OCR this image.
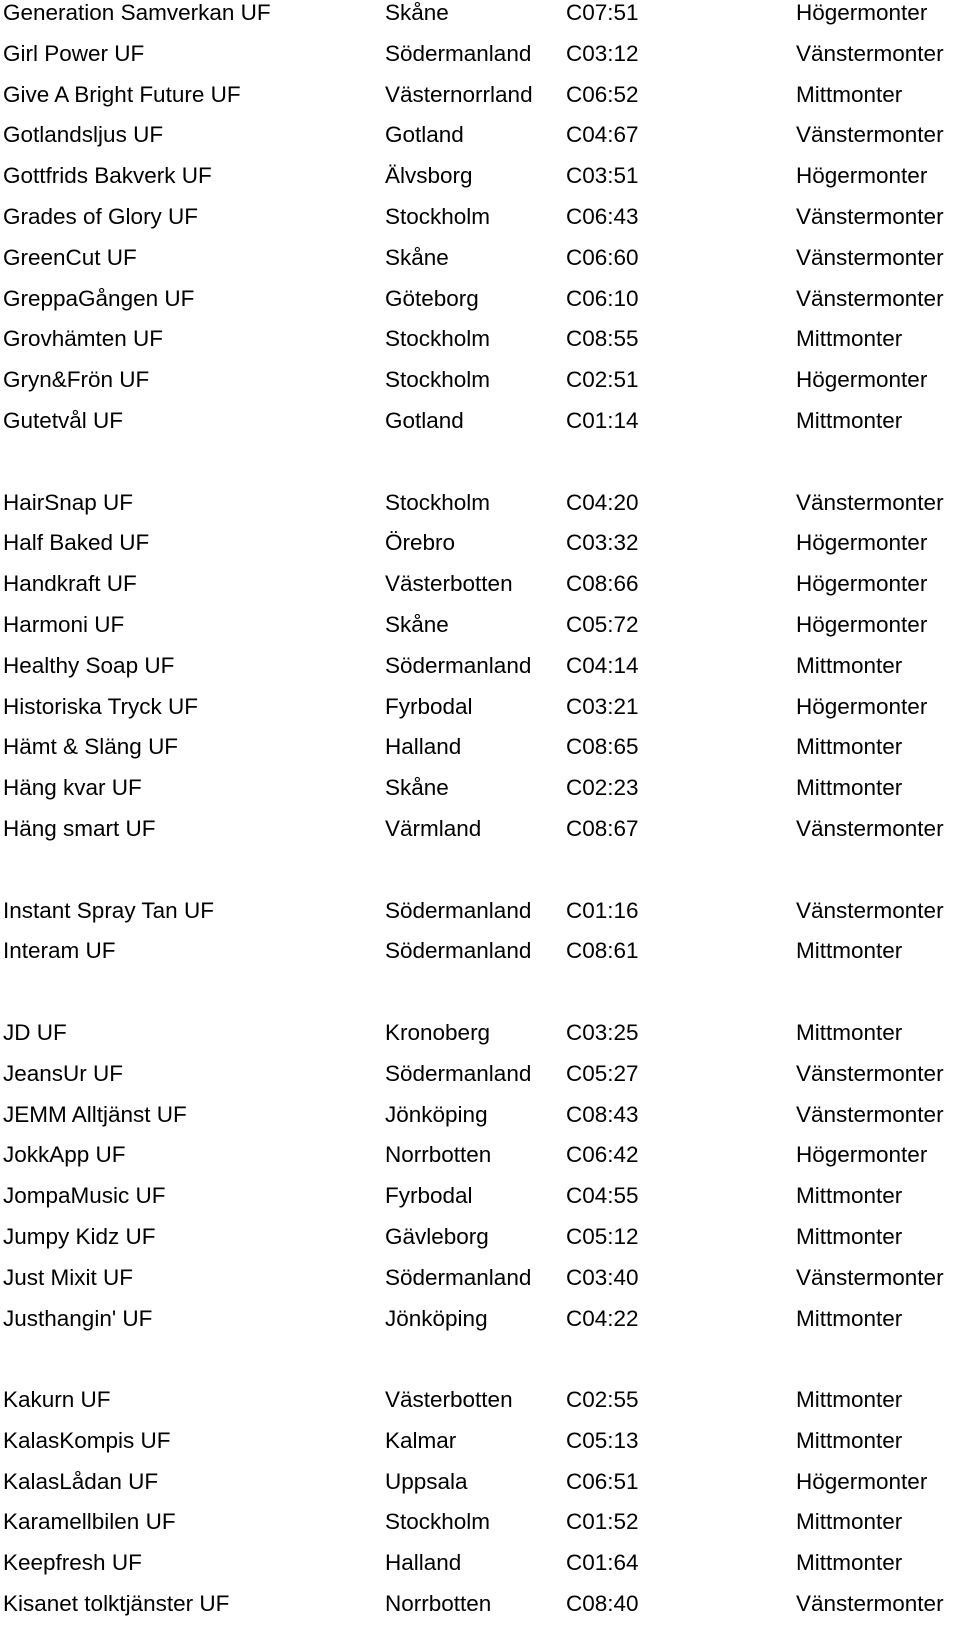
Generation Samverkan UF	Skåne	C07:51	Högermonter
Girl Power UF	Södermanland C03:12	Vänstermonter
Give A Bright Future UF	Västernorrland C06:52	Mittmonter
Gotlandsljus UF	Gotland	C04:67	Vänstermonter
Gottfrids Bakverk UF	Älvsborg	C03:51	Högermonter
Grades of Glory UF	Stockholm	C06:43	Vänstermonter
GreenCut UF	Skåne	C06:60	Vänstermonter
GreppaGången UF	Göteborg	C06:10	Vänstermonter
Grovhämten UF	Stockholm	C08:55	Mittmonter
Gryn&Frön UF	Stockholm	C02:51	Högermonter
Gutetvål UF	Gotland	C01:14	Mittmonter
HairSnap UF	Stockholm	C04:20	Vänstermonter
Half Baked UF	Örebro	C03:32	Högermonter
Handkraft UF	Västerbotten C08:66	Högermonter
Harmoni UF	Skåne	C05:72	Högermonter
Healthy Soap UF	Södermanland C04:14	Mittmonter
Historiska Tryck UF	Fyrbodal	C03:21	Högermonter
Hämt & Släng UF	Halland	C08:65	Mittmonter
Häng kvar UF	Skåne	C02:23	Mittmonter
Häng smart UF	Värmland	C08:67	Vänstermonter
Instant Spray Tan UF	Södermanland C01:16	Vänstermonter
Interam UF	Södermanland C08:61	Mittmonter
JD UF	Kronoberg	C03:25	Mittmonter
JeansUr UF	Södermanland C05:27	Vänstermonter
JEMM Alltjänst UF	Jönköping	C08:43	Vänstermonter
JokkApp UF	Norrbotten	C06:42	Högermonter
JompaMusic UF	Fyrbodal	C04:55	Mittmonter
Jumpy Kidz UF	Gävleborg	C05:12	Mittmonter
Just Mixit UF	Södermanland C03:40	Vänstermonter
Justhangin' UF	Jönköping	C04:22	Mittmonter
Kakurn UF	Västerbotten C02:55	Mittmonter
KalasKompis UF	Kalmar	C05:13	Mittmonter
KalasLådan UF	Uppsala	C06:51	Högermonter
Karamellbilen UF	Stockholm	C01:52	Mittmonter
Keepfresh UF	Halland	C01:64	Mittmonter
Kisanet tolktjänster UF	Norrbotten	C08:40	Vänstermonter
